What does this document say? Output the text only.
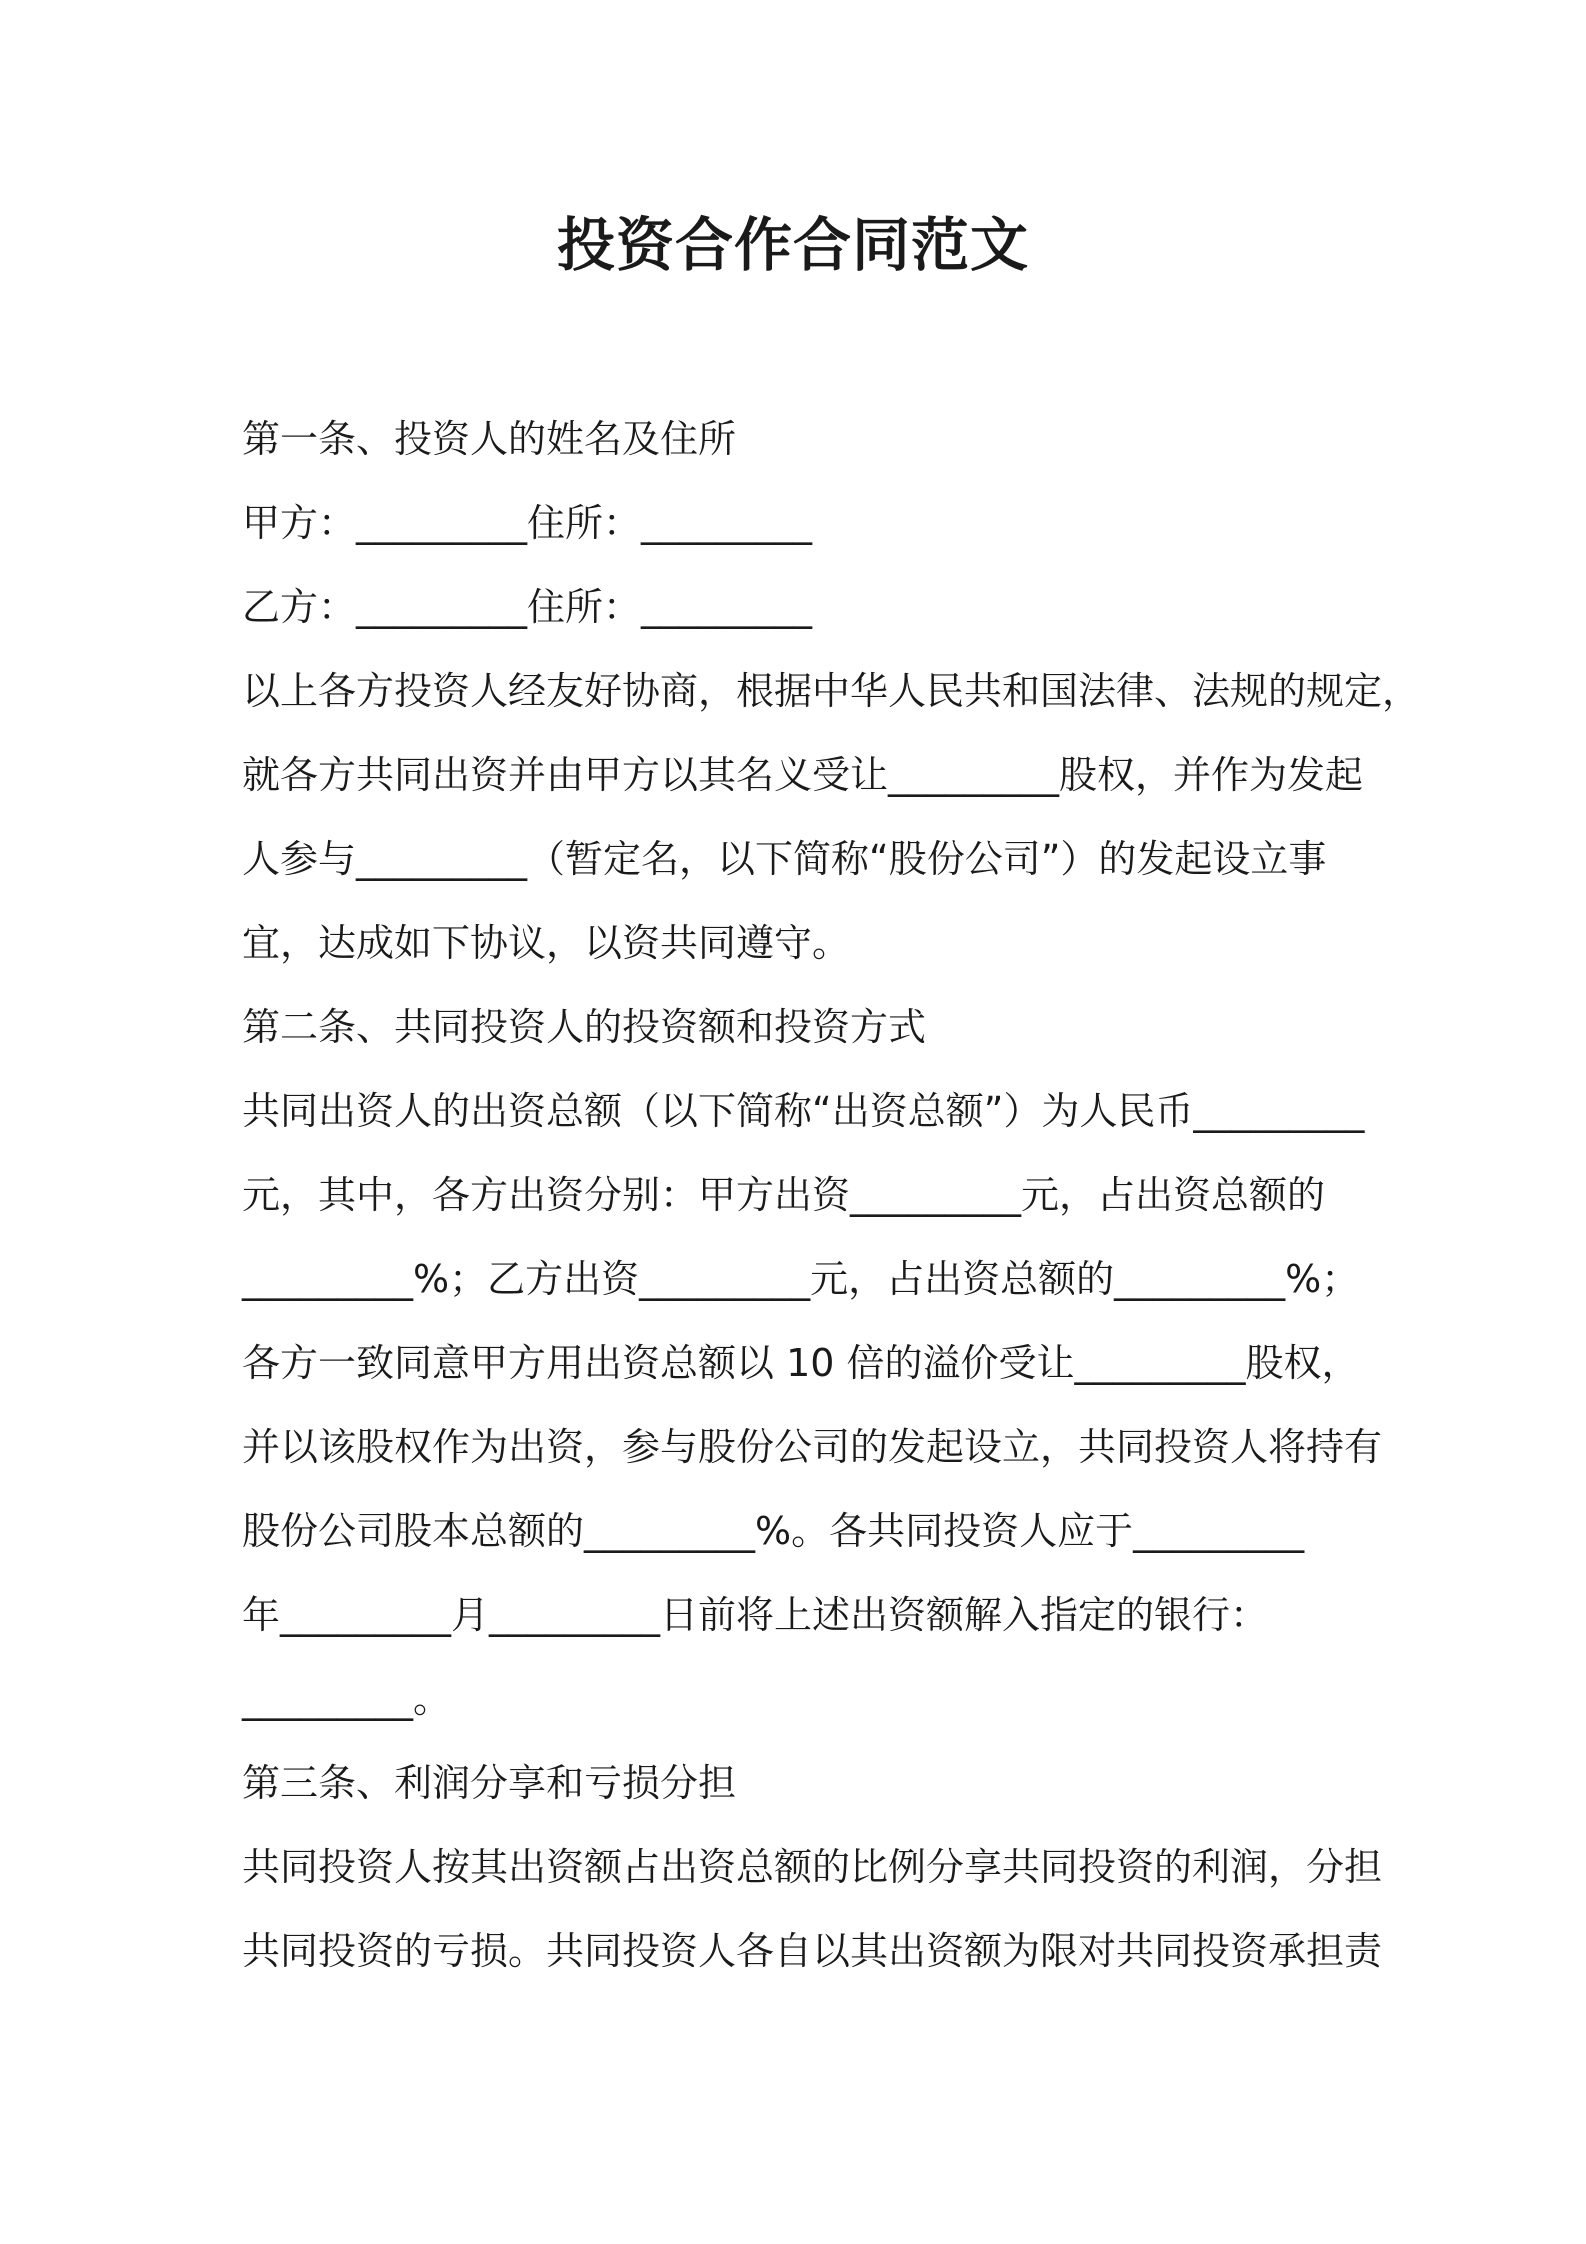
投资合作合同范文
第一条、投资人的姓名及住所
甲方：_________住所：_________
乙方：_________住所：_________
以上各方投资人经友好协商，根据中华人民共和国法律、法规的规定，
就各方共同出资并由甲方以其名义受让_________股权，并作为发起
人参与_________（暂定名，以下简称“股份公司”）的发起设立事
宜，达成如下协议，以资共同遵守。
第二条、共同投资人的投资额和投资方式
共同出资人的出资总额（以下简称“出资总额”）为人民币_________
元，其中，各方出资分别：甲方出资_________元，占出资总额的
_________%；乙方出资_________元，占出资总额的_________%；
各方一致同意甲方用出资总额以 10 倍的溢价受让_________股权，
并以该股权作为出资，参与股份公司的发起设立，共同投资人将持有
股份公司股本总额的_________%。各共同投资人应于_________
年_________月_________日前将上述出资额解入指定的银行：
_________。
第三条、利润分享和亏损分担
共同投资人按其出资额占出资总额的比例分享共同投资的利润，分担
共同投资的亏损。共同投资人各自以其出资额为限对共同投资承担责
